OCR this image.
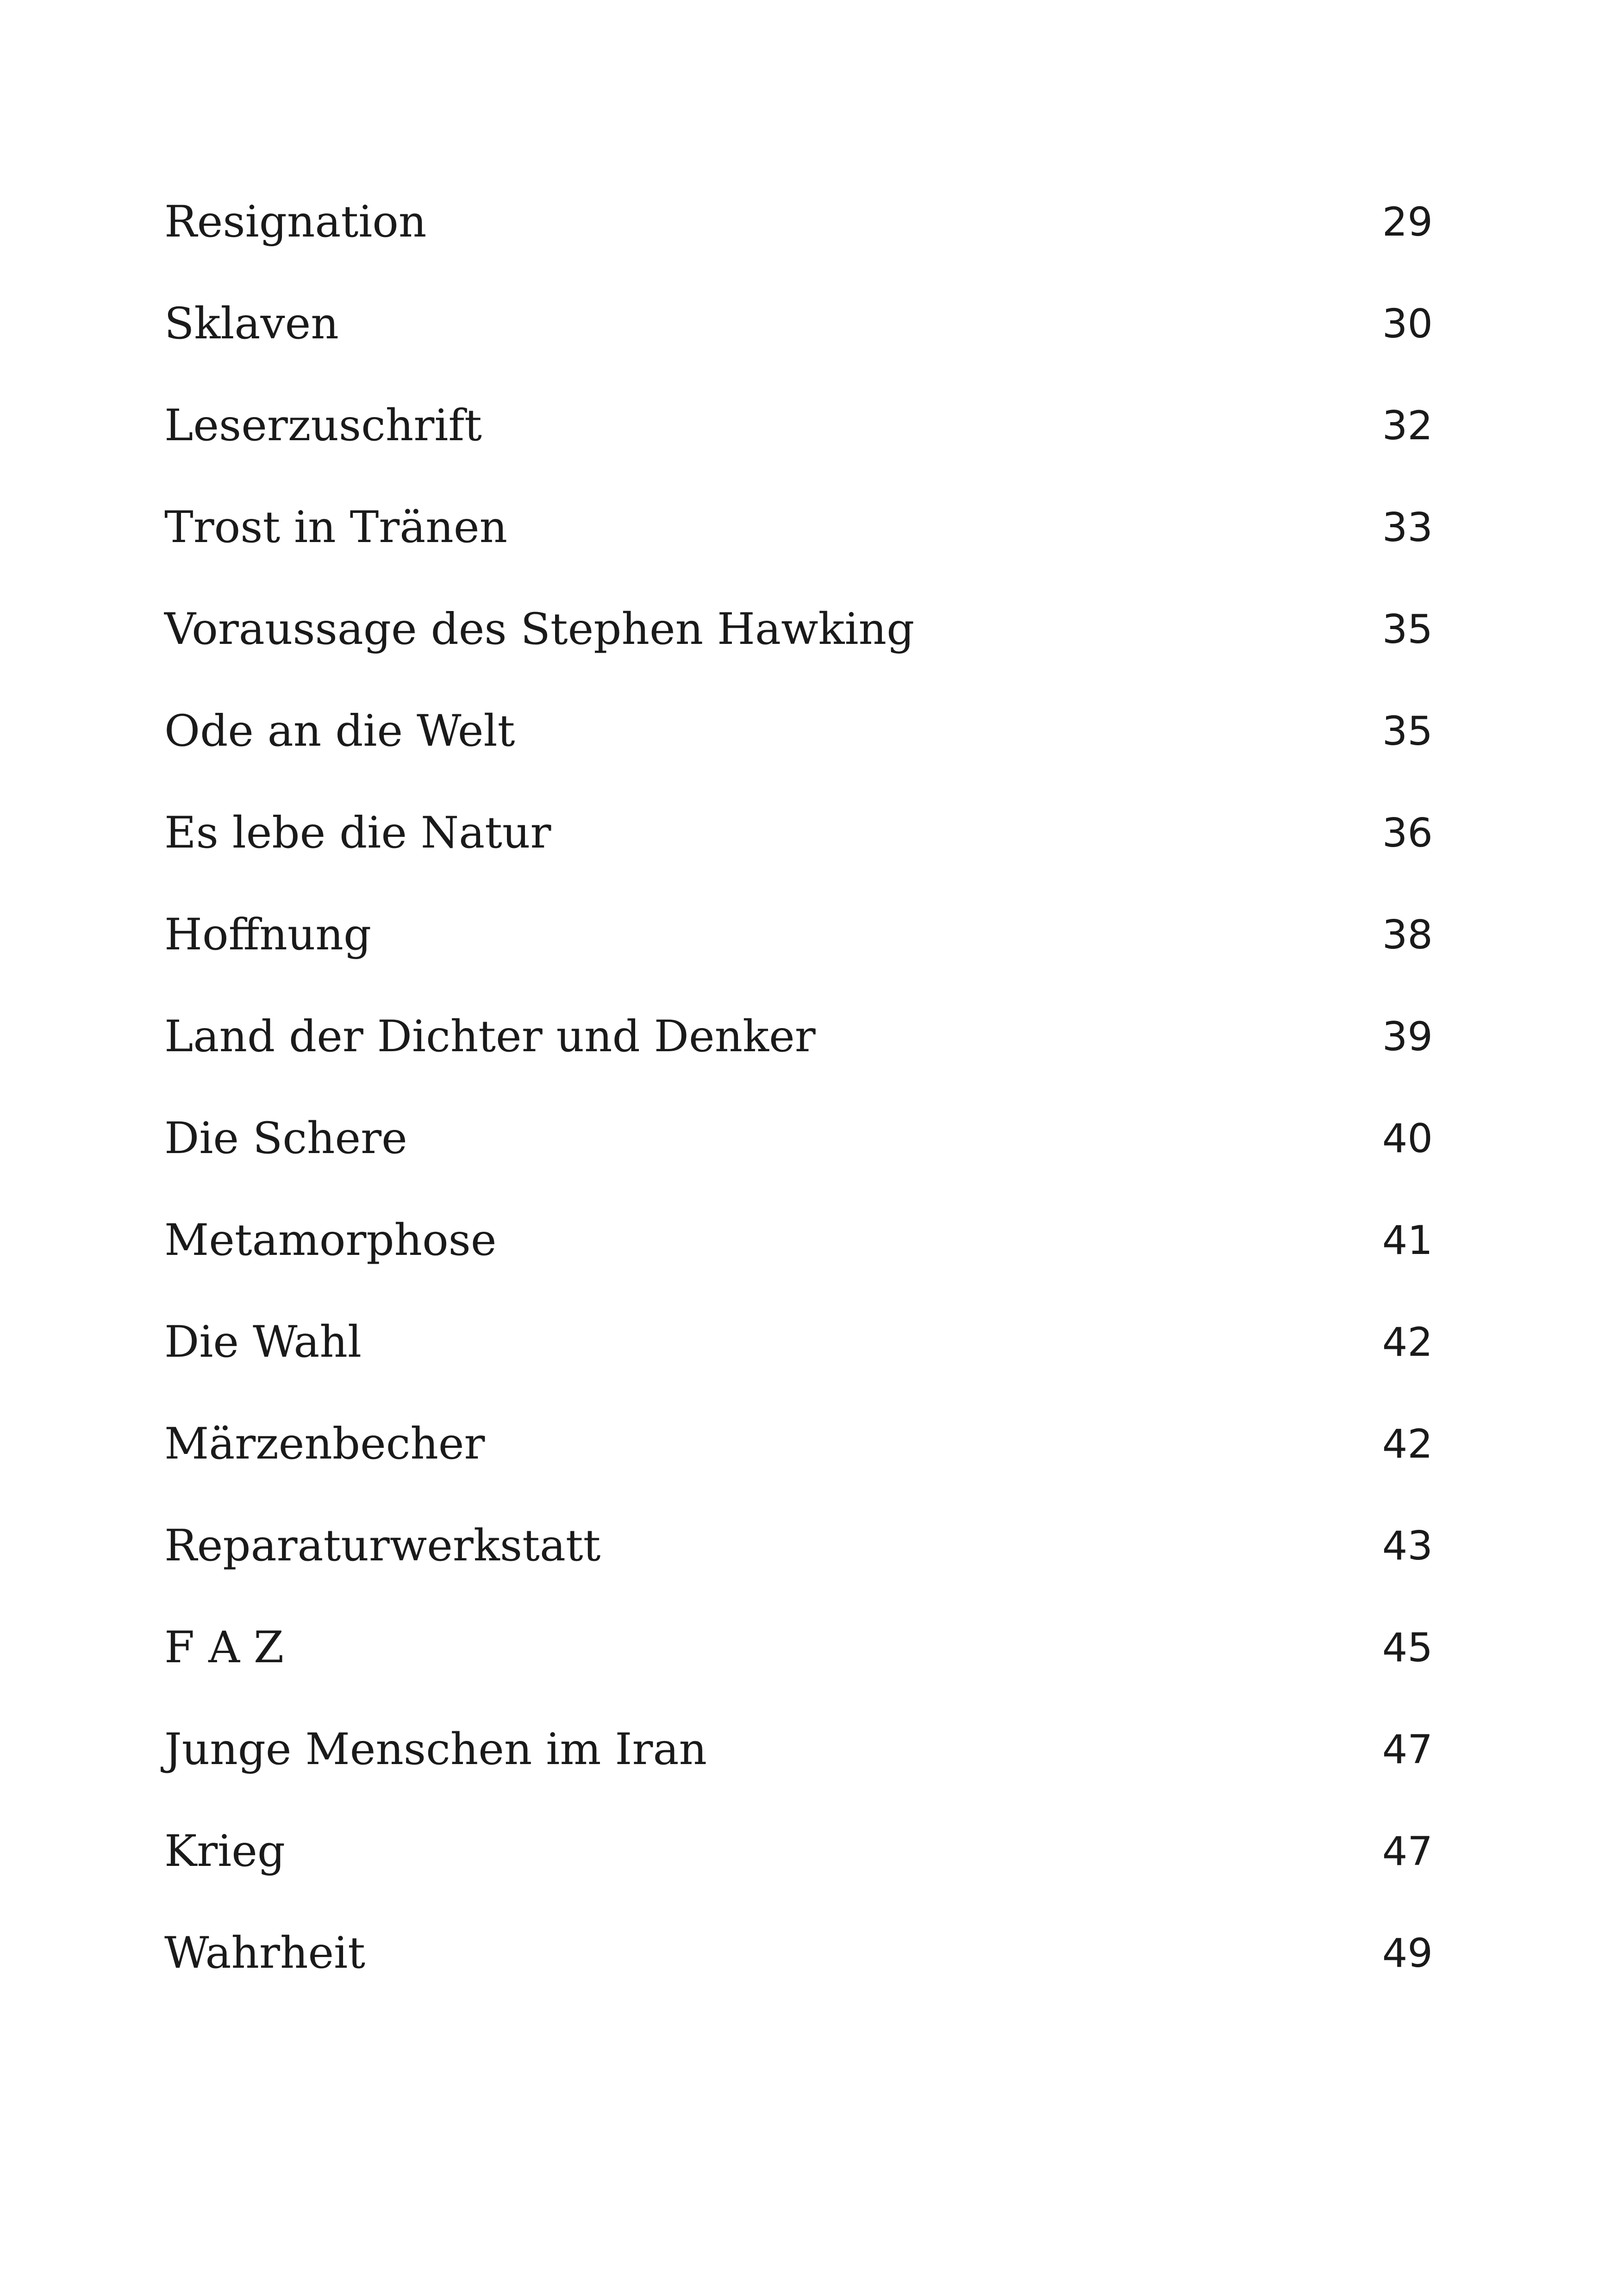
Resignation	29
Sklaven	30
Leserzuschrift	32
Trost in Tränen	33
Voraussage des Stephen Hawking	35
Ode an die Welt	35
Es lebe die Natur	36
Hoffnung	38
Land der Dichter und Denker	39
Die Schere	40
Metamorphose	41
Die Wahl	42
Märzenbecher	42
Reparaturwerkstatt	43
F A Z	45
Junge Menschen im Iran	47
Krieg	47
Wahrheit	49
